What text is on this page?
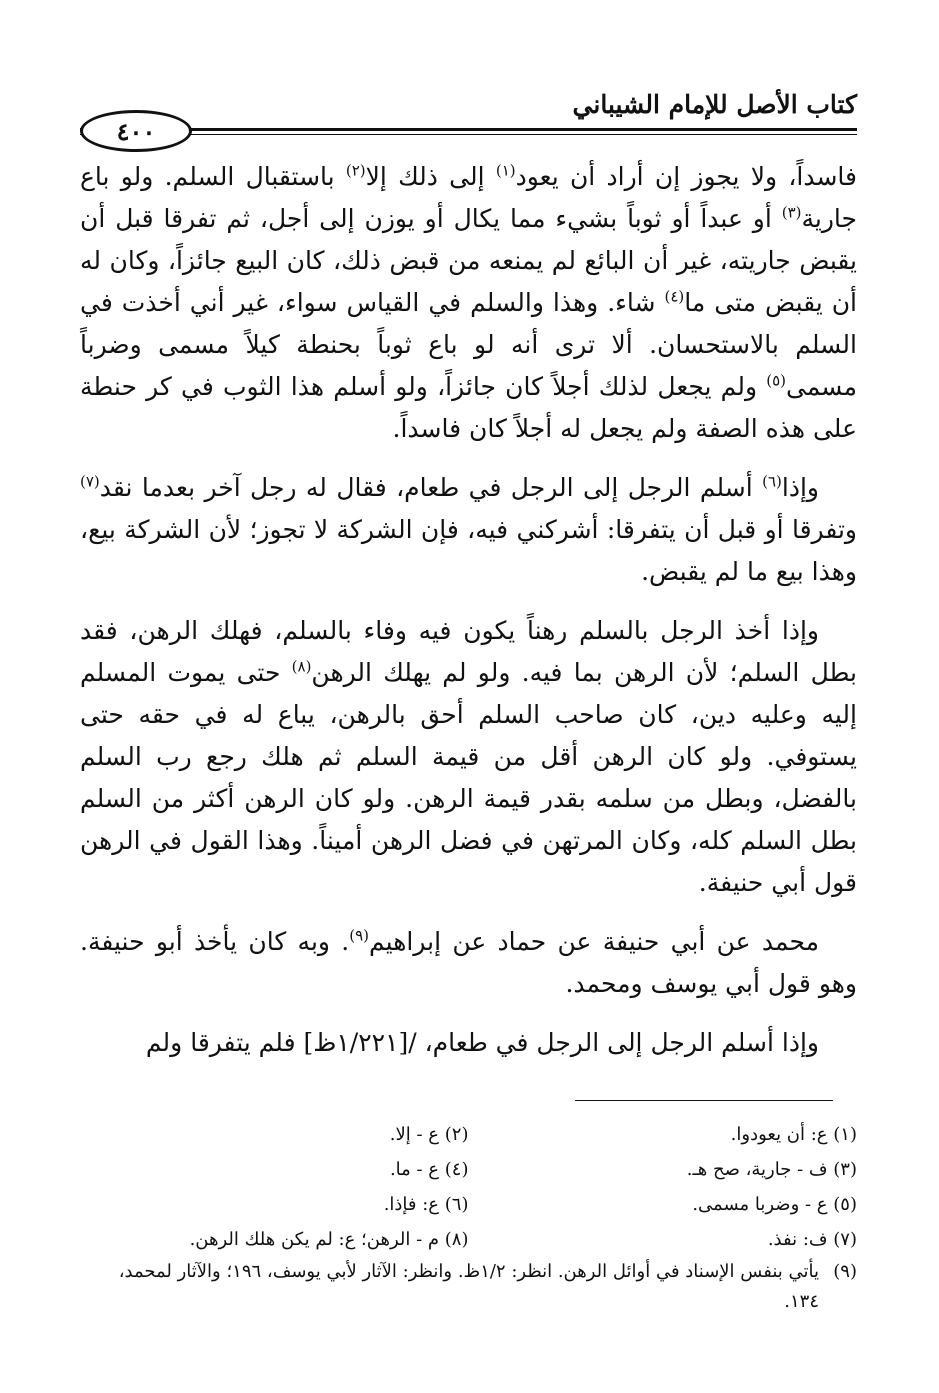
كتاب الأصل للإمام الشيباني
٤٠٠

فاسداً، ولا يجوز إن أراد أن يعود$^{(١)}$ إلى ذلك إلا$^{(٢)}$ باستقبال السلم. ولو باع جارية$^{(٣)}$ أو عبداً أو ثوباً بشيء مما يكال أو يوزن إلى أجل، ثم تفرقا قبل أن يقبض جاريته، غير أن البائع لم يمنعه من قبض ذلك، كان البيع جائزاً، وكان له أن يقبض متى ما$^{(٤)}$ شاء. وهذا والسلم في القياس سواء، غير أني أخذت في السلم بالاستحسان. ألا ترى أنه لو باع ثوباً بحنطة كيلاً مسمى وضرباً مسمى$^{(٥)}$ ولم يجعل لذلك أجلاً كان جائزاً، ولو أسلم هذا الثوب في كر حنطة على هذه الصفة ولم يجعل له أجلاً كان فاسداً.

وإذا$^{(٦)}$ أسلم الرجل إلى الرجل في طعام، فقال له رجل آخر بعدما نقد$^{(٧)}$ وتفرقا أو قبل أن يتفرقا: أشركني فيه، فإن الشركة لا تجوز؛ لأن الشركة بيع، وهذا بيع ما لم يقبض.

وإذا أخذ الرجل بالسلم رهناً يكون فيه وفاء بالسلم، فهلك الرهن، فقد بطل السلم؛ لأن الرهن بما فيه. ولو لم يهلك الرهن$^{(٨)}$ حتى يموت المسلم إليه وعليه دين، كان صاحب السلم أحق بالرهن، يباع له في حقه حتى يستوفي. ولو كان الرهن أقل من قيمة السلم ثم هلك رجع رب السلم بالفضل، وبطل من سلمه بقدر قيمة الرهن. ولو كان الرهن أكثر من السلم بطل السلم كله، وكان المرتهن في فضل الرهن أميناً. وهذا القول في الرهن قول أبي حنيفة.

محمد عن أبي حنيفة عن حماد عن إبراهيم$^{(٩)}$. وبه كان يأخذ أبو حنيفة. وهو قول أبي يوسف ومحمد.

وإذا أسلم الرجل إلى الرجل في طعام، /[١/٢٢١ظ] فلم يتفرقا ولم

(١) ع: أن يعودوا.
(٢) ع - إلا.
(٣) ف - جارية، صح هـ.
(٤) ع - ما.
(٥) ع - وضربا مسمى.
(٦) ع: فإذا.
(٧) ف: نفذ.
(٨) م - الرهن؛ ع: لم يكن هلك الرهن.
(٩)
يأتي بنفس الإسناد في أوائل الرهن. انظر: ١/٢ظ. وانظر: الآثار لأبي يوسف، ١٩٦؛ والآثار لمحمد، ١٣٤.
